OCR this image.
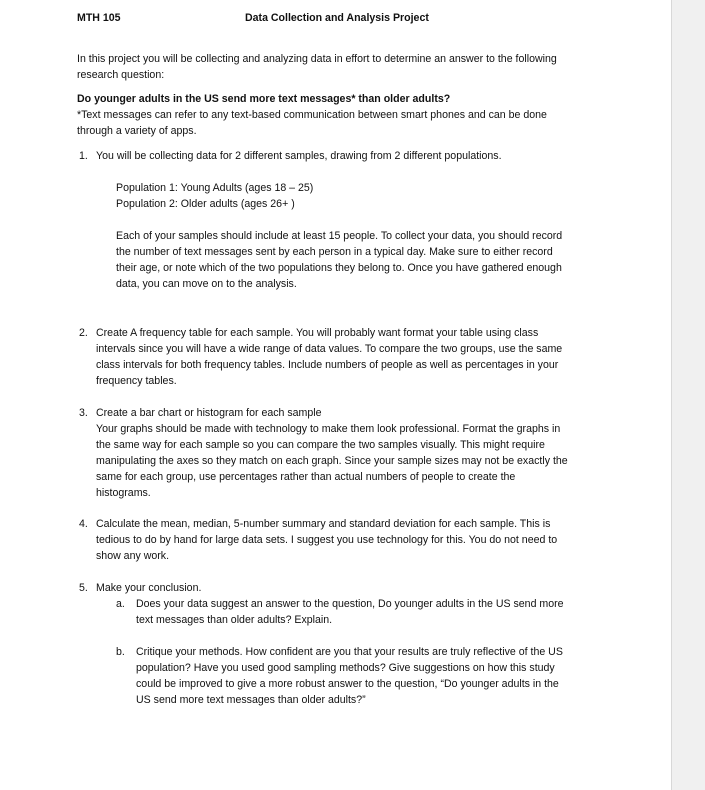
MTH 105	Data Collection and Analysis Project
In this project you will be collecting and analyzing data in effort to determine an answer to the following
research question:
Do younger adults in the US send more text messages* than older adults?
*Text messages can refer to any text-based communication between smart phones and can be done
through a variety of apps.
1. You will be collecting data for 2 different samples, drawing from 2 different populations.
Population 1: Young Adults (ages 18 – 25)
Population 2: Older adults (ages 26+ )
Each of your samples should include at least 15 people. To collect your data, you should record
the number of text messages sent by each person in a typical day. Make sure to either record
their age, or note which of the two populations they belong to. Once you have gathered enough
data, you can move on to the analysis.
2. Create A frequency table for each sample. You will probably want format your table using class
intervals since you will have a wide range of data values. To compare the two groups, use the same
class intervals for both frequency tables. Include numbers of people as well as percentages in your
frequency tables.
3. Create a bar chart or histogram for each sample
Your graphs should be made with technology to make them look professional. Format the graphs in
the same way for each sample so you can compare the two samples visually. This might require
manipulating the axes so they match on each graph. Since your sample sizes may not be exactly the
same for each group, use percentages rather than actual numbers of people to create the
histograms.
4. Calculate the mean, median, 5-number summary and standard deviation for each sample. This is
tedious to do by hand for large data sets. I suggest you use technology for this. You do not need to
show any work.
5. Make your conclusion.
a. Does your data suggest an answer to the question, Do younger adults in the US send more
text messages than older adults? Explain.
b. Critique your methods. How confident are you that your results are truly reflective of the US
population? Have you used good sampling methods? Give suggestions on how this study
could be improved to give a more robust answer to the question, “Do younger adults in the
US send more text messages than older adults?”
